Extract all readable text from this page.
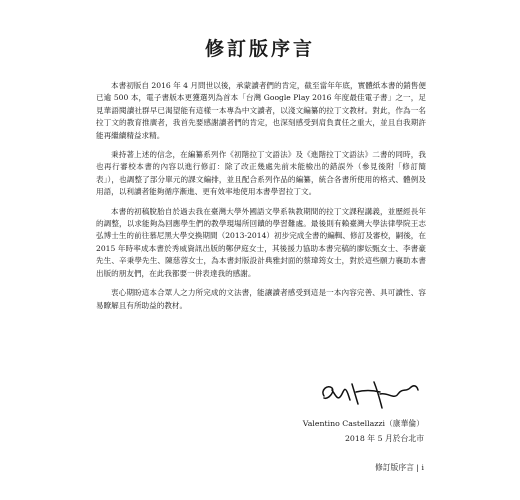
修訂版序言

本書初版自 2016 年 4 月問世以後，承蒙讀者們的肯定，截至當年年底，實體紙本書的銷售便已逾 500 本，電子書版本更獲選列為首本「台灣 Google Play 2016 年度最佳電子書」之一，足見華語閱讀社群早已渴望能有這樣一本專為中文讀者，以淺文編纂的拉丁文教材。對此，作為一名拉丁文的教育推廣者，我首先要感謝讀者們的肯定，也深刻感受到肩負責任之重大，並且自我期許能再繼續精益求精。

秉持著上述的信念，在編纂系列作《初階拉丁文語法》及《進階拉丁文語法》二書的同時，我也再行審校本書的內容以進行修訂：除了改正幾處先前未能檢出的錯誤外（參見後附「修訂簡表」），也調整了部分單元的課文編排，並且配合系列作品的編纂，統合各書所使用的格式、體例及用語，以利讀者能夠循序漸進、更有效率地使用本書學習拉丁文。

本書的初稿脫胎自於過去我在臺灣大學外國語文學系執教期間的拉丁文課程講義，並歷經長年的調整，以求能夠為回應學生們的教學現場所回饋的學習難處。最後則有賴臺灣大學法律學院王志弘博士生的前往慕尼黑大學交換期間（2013-2014）初步完成全書的編輯、修訂及審校，嗣後，在 2015 年時率成本書於秀威資訊出版的鄭伊庭女士，其後援力協助本書完稿的廖妘甄女士、李書豪先生、辛秉學先生、陳慈蓉女士，為本書封版設計典雅封面的蔡瑋筠女士，對於這些願力襄助本書出版的朋友們，在此我都要一併表達我的感謝。

衷心期盼這本合眾人之力所完成的文法書，能讓讀者感受到這是一本內容完善、具可讀性、容易瞭解且有所助益的教材。

Valentino Castellazzi（康華倫）

2018 年 5 月於台北市

修訂版序言 | i
